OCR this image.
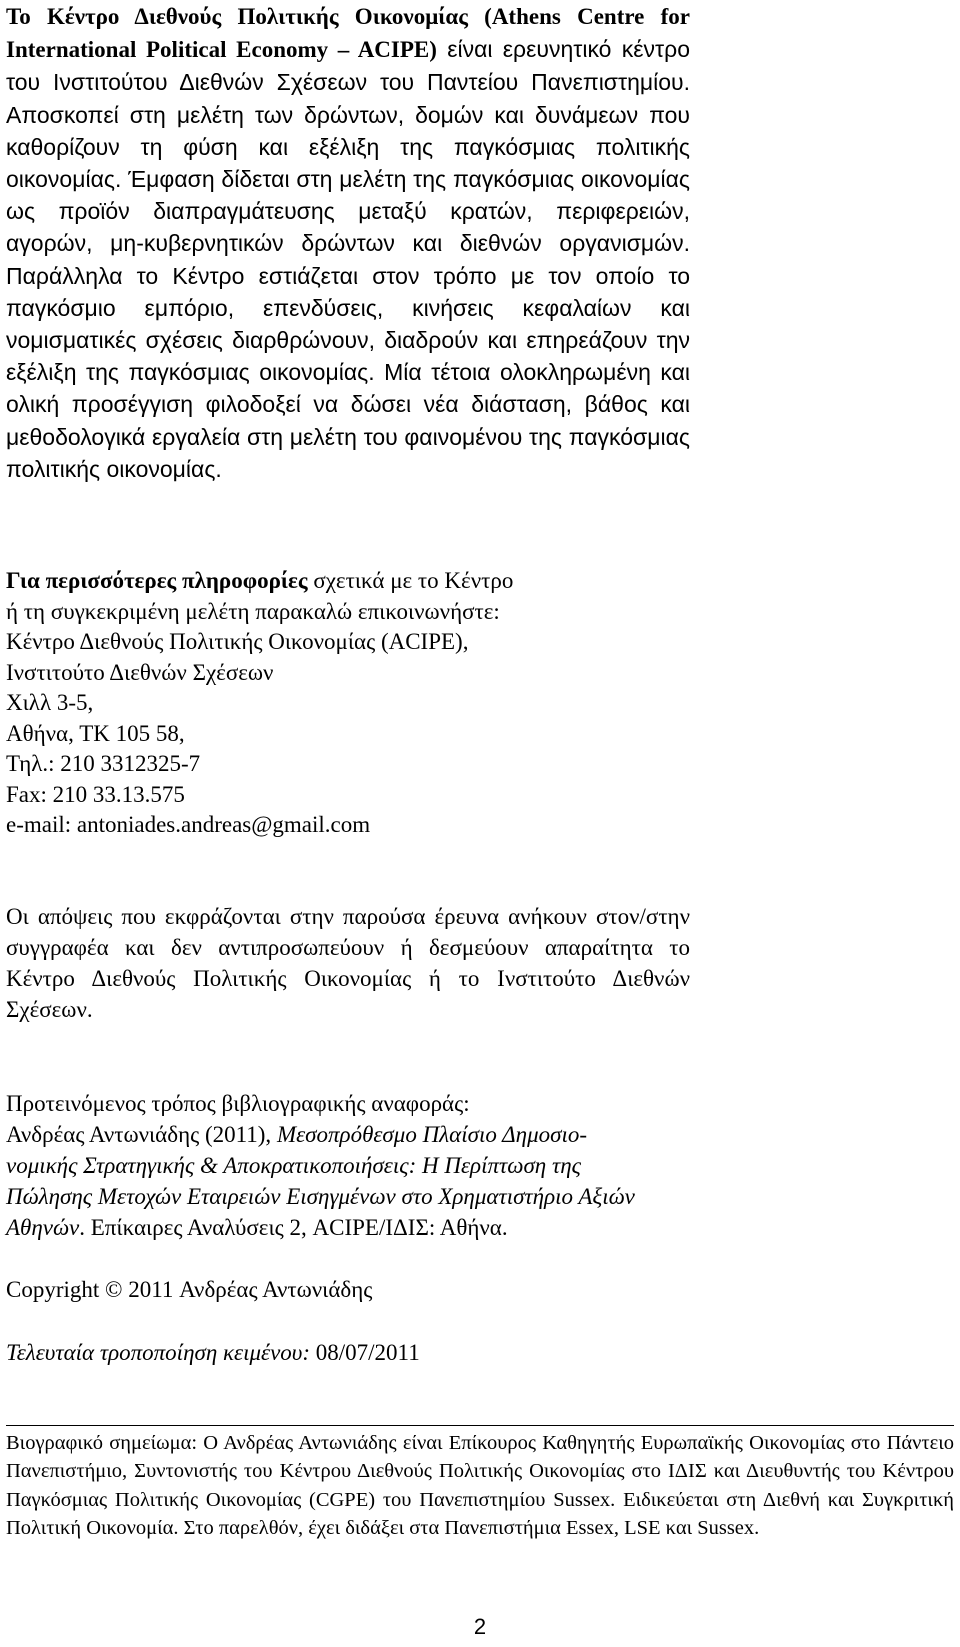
Το Κέντρο Διεθνούς Πολιτικής Οικονομίας (Athens Centre for International Political Economy – ACIPE) είναι ερευνητικό κέντρο του Ινστιτούτου Διεθνών Σχέσεων του Παντείου Πανεπιστημίου. Αποσκοπεί στη μελέτη των δρώντων, δομών και δυνάμεων που καθορίζουν τη φύση και εξέλιξη της παγκόσμιας πολιτικής οικονομίας. Έμφαση δίδεται στη μελέτη της παγκόσμιας οικονομίας ως προϊόν διαπραγμάτευσης μεταξύ κρατών, περιφερειών, αγορών, μη-κυβερνητικών δρώντων και διεθνών οργανισμών. Παράλληλα το Κέντρο εστιάζεται στον τρόπο με τον οποίο το παγκόσμιο εμπόριο, επενδύσεις, κινήσεις κεφαλαίων και νομισματικές σχέσεις διαρθρώνουν, διαδρούν και επηρεάζουν την εξέλιξη της παγκόσμιας οικονομίας. Μία τέτοια ολοκληρωμένη και ολική προσέγγιση φιλοδοξεί να δώσει νέα διάσταση, βάθος και μεθοδολογικά εργαλεία στη μελέτη του φαινομένου της παγκόσμιας πολιτικής οικονομίας.

Για περισσότερες πληροφορίες σχετικά με το Κέντρο
ή τη συγκεκριμένη μελέτη παρακαλώ επικοινωνήστε:
Κέντρο Διεθνούς Πολιτικής Οικονομίας (ACIPE),
Ινστιτούτο Διεθνών Σχέσεων
Χιλλ 3-5,
Αθήνα, ΤΚ 105 58,
Τηλ.: 210 3312325-7
Fax: 210 33.13.575
e-mail: antoniades.andreas@gmail.com

Οι απόψεις που εκφράζονται στην παρούσα έρευνα ανήκουν στον/στην συγγραφέα και δεν αντιπροσωπεύουν ή δεσμεύουν απαραίτητα το Κέντρο Διεθνούς Πολιτικής Οικονομίας ή το Ινστιτούτο Διεθνών Σχέσεων.

Προτεινόμενος τρόπος βιβλιογραφικής αναφοράς:
Ανδρέας Αντωνιάδης (2011), Μεσοπρόθεσμο Πλαίσιο Δημοσιο-
νομικής Στρατηγικής & Αποκρατικοποιήσεις: Η Περίπτωση της
Πώλησης Μετοχών Εταιρειών Εισηγμένων στο Χρηματιστήριο Αξιών
Αθηνών. Επίκαιρες Αναλύσεις 2, ACIPE/ΙΔΙΣ: Αθήνα.

Copyright © 2011 Ανδρέας Αντωνιάδης

Τελευταία τροποποίηση κειμένου: 08/07/2011

Βιογραφικό σημείωμα: Ο Ανδρέας Αντωνιάδης είναι Επίκουρος Καθηγητής Ευρωπαϊκής Οικονομίας στο Πάντειο Πανεπιστήμιο, Συντονιστής του Κέντρου Διεθνούς Πολιτικής Οικονομίας στο ΙΔΙΣ και Διευθυντής του Κέντρου Παγκόσμιας Πολιτικής Οικονομίας (CGPE) του Πανεπιστημίου Sussex. Ειδικεύεται στη Διεθνή και Συγκριτική Πολιτική Οικονομία. Στο παρελθόν, έχει διδάξει στα Πανεπιστήμια Essex, LSE και Sussex.

2
